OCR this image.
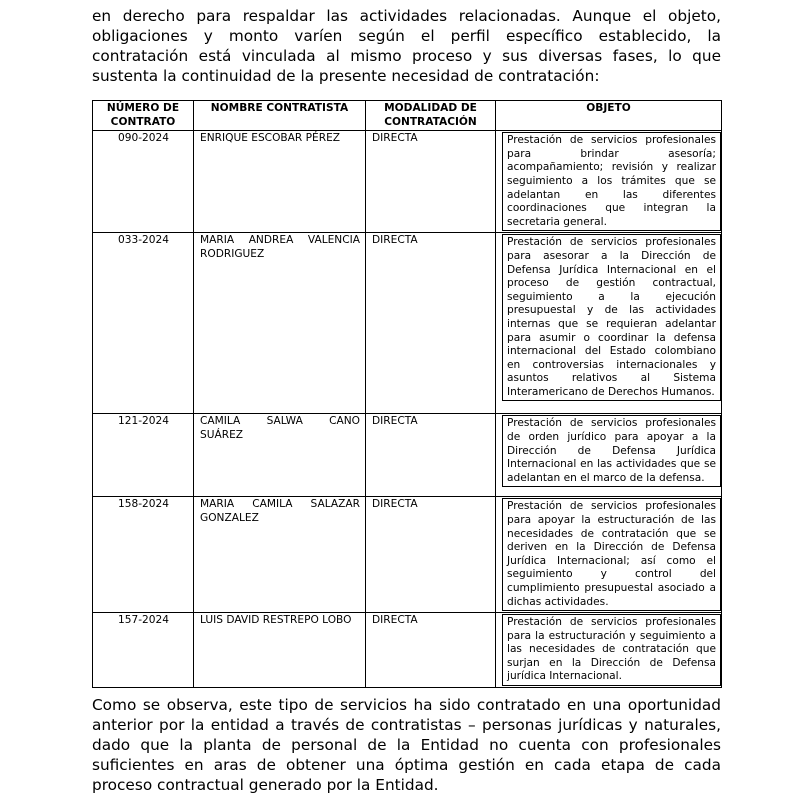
en derecho para respaldar las actividades relacionadas. Aunque el objeto, obligaciones y monto varíen según el perfil específico establecido, la contratación está vinculada al mismo proceso y sus diversas fases, lo que sustenta la continuidad de la presente necesidad de contratación:

NÚMERO DE CONTRATO	NOMBRE CONTRATISTA	MODALIDAD DE CONTRATACIÓN	OBJETO
090-2024	ENRIQUE ESCOBAR PÉREZ	DIRECTA	Prestación de servicios profesionales para brindar asesoría; acompañamiento; revisión y realizar seguimiento a los trámites que se adelantan en las diferentes coordinaciones que integran la secretaria general.

033-2024	MARIA ANDREA VALENCIA RODRIGUEZ	DIRECTA	Prestación de servicios profesionales para asesorar a la Dirección de Defensa Jurídica Internacional en el proceso de gestión contractual, seguimiento a la ejecución presupuestal y de las actividades internas que se requieran adelantar para asumir o coordinar la defensa internacional del Estado colombiano en controversias internacionales y asuntos relativos al Sistema Interamericano de Derechos Humanos.

121-2024	CAMILA SALWA CANO SUÁREZ	DIRECTA	Prestación de servicios profesionales de orden jurídico para apoyar a la Dirección de Defensa Jurídica Internacional en las actividades que se adelantan en el marco de la defensa.

158-2024	MARIA CAMILA SALAZAR GONZALEZ	DIRECTA	Prestación de servicios profesionales para apoyar la estructuración de las necesidades de contratación que se deriven en la Dirección de Defensa Jurídica Internacional; así como el seguimiento y control del cumplimiento presupuestal asociado a dichas actividades.

157-2024	LUIS DAVID RESTREPO LOBO	DIRECTA	Prestación de servicios profesionales para la estructuración y seguimiento a las necesidades de contratación que surjan en la Dirección de Defensa jurídica Internacional.

Como se observa, este tipo de servicios ha sido contratado en una oportunidad anterior por la entidad a través de contratistas – personas jurídicas y naturales, dado que la planta de personal de la Entidad no cuenta con profesionales suficientes en aras de obtener una óptima gestión en cada etapa de cada proceso contractual generado por la Entidad.
